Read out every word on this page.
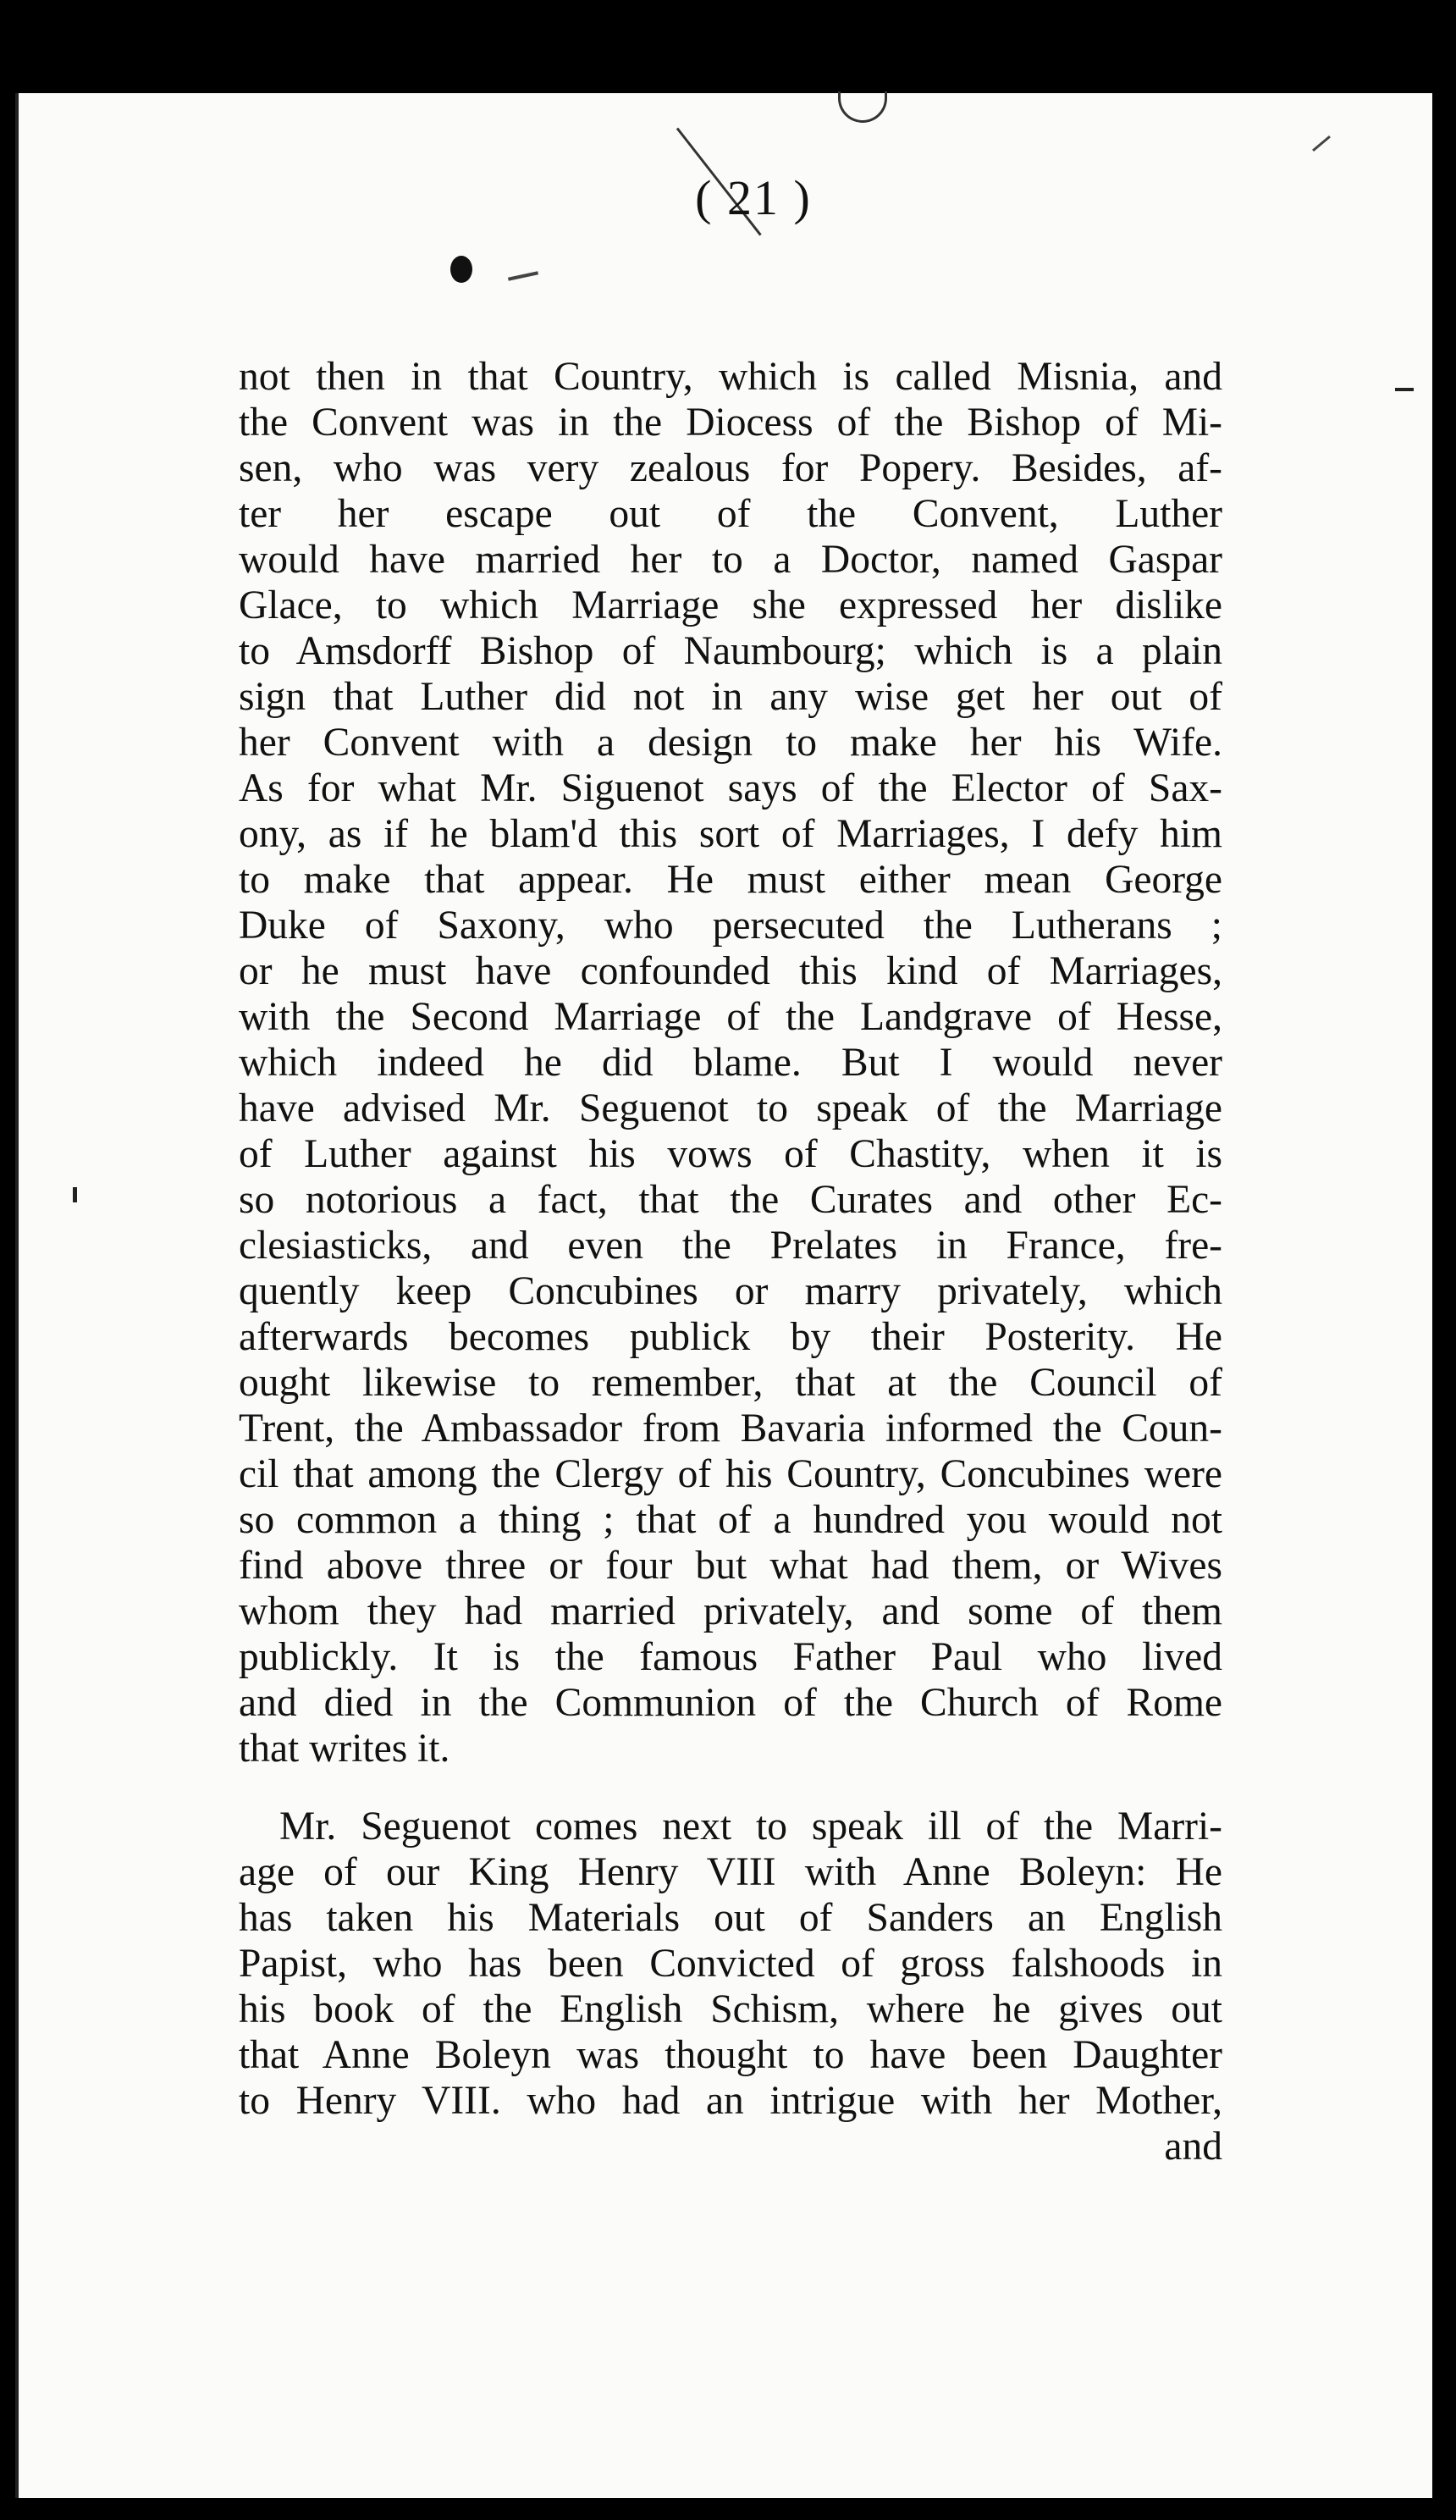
( 21 )
not then in that Country, which is called Misnia, and
the Convent was in the Diocess of the Bishop of Mi-
sen, who was very zealous for Popery. Besides, af-
ter her escape out of the Convent, Luther
would have married her to a Doctor, named Gaspar
Glace, to which Marriage she expressed her dislike
to Amsdorff Bishop of Naumbourg; which is a plain
sign that Luther did not in any wise get her out of
her Convent with a design to make her his Wife.
As for what Mr. Siguenot says of the Elector of Sax-
ony, as if he blam'd this sort of Marriages, I defy him
to make that appear. He must either mean George
Duke of Saxony, who persecuted the Lutherans ;
or he must have confounded this kind of Marriages,
with the Second Marriage of the Landgrave of Hesse,
which indeed he did blame. But I would never
have advised Mr. Seguenot to speak of the Marriage
of Luther against his vows of Chastity, when it is
so notorious a fact, that the Curates and other Ec-
clesiasticks, and even the Prelates in France, fre-
quently keep Concubines or marry privately, which
afterwards becomes publick by their Posterity. He
ought likewise to remember, that at the Council of
Trent, the Ambassador from Bavaria informed the Coun-
cil that among the Clergy of his Country, Concubines were
so common a thing ; that of a hundred you would not
find above three or four but what had them, or Wives
whom they had married privately, and some of them
publickly. It is the famous Father Paul who lived
and died in the Communion of the Church of Rome
that writes it.
Mr. Seguenot comes next to speak ill of the Marri-
age of our King Henry VIII with Anne Boleyn: He
has taken his Materials out of Sanders an English
Papist, who has been Convicted of gross falshoods in
his book of the English Schism, where he gives out
that Anne Boleyn was thought to have been Daughter
to Henry VIII. who had an intrigue with her Mother,
and
